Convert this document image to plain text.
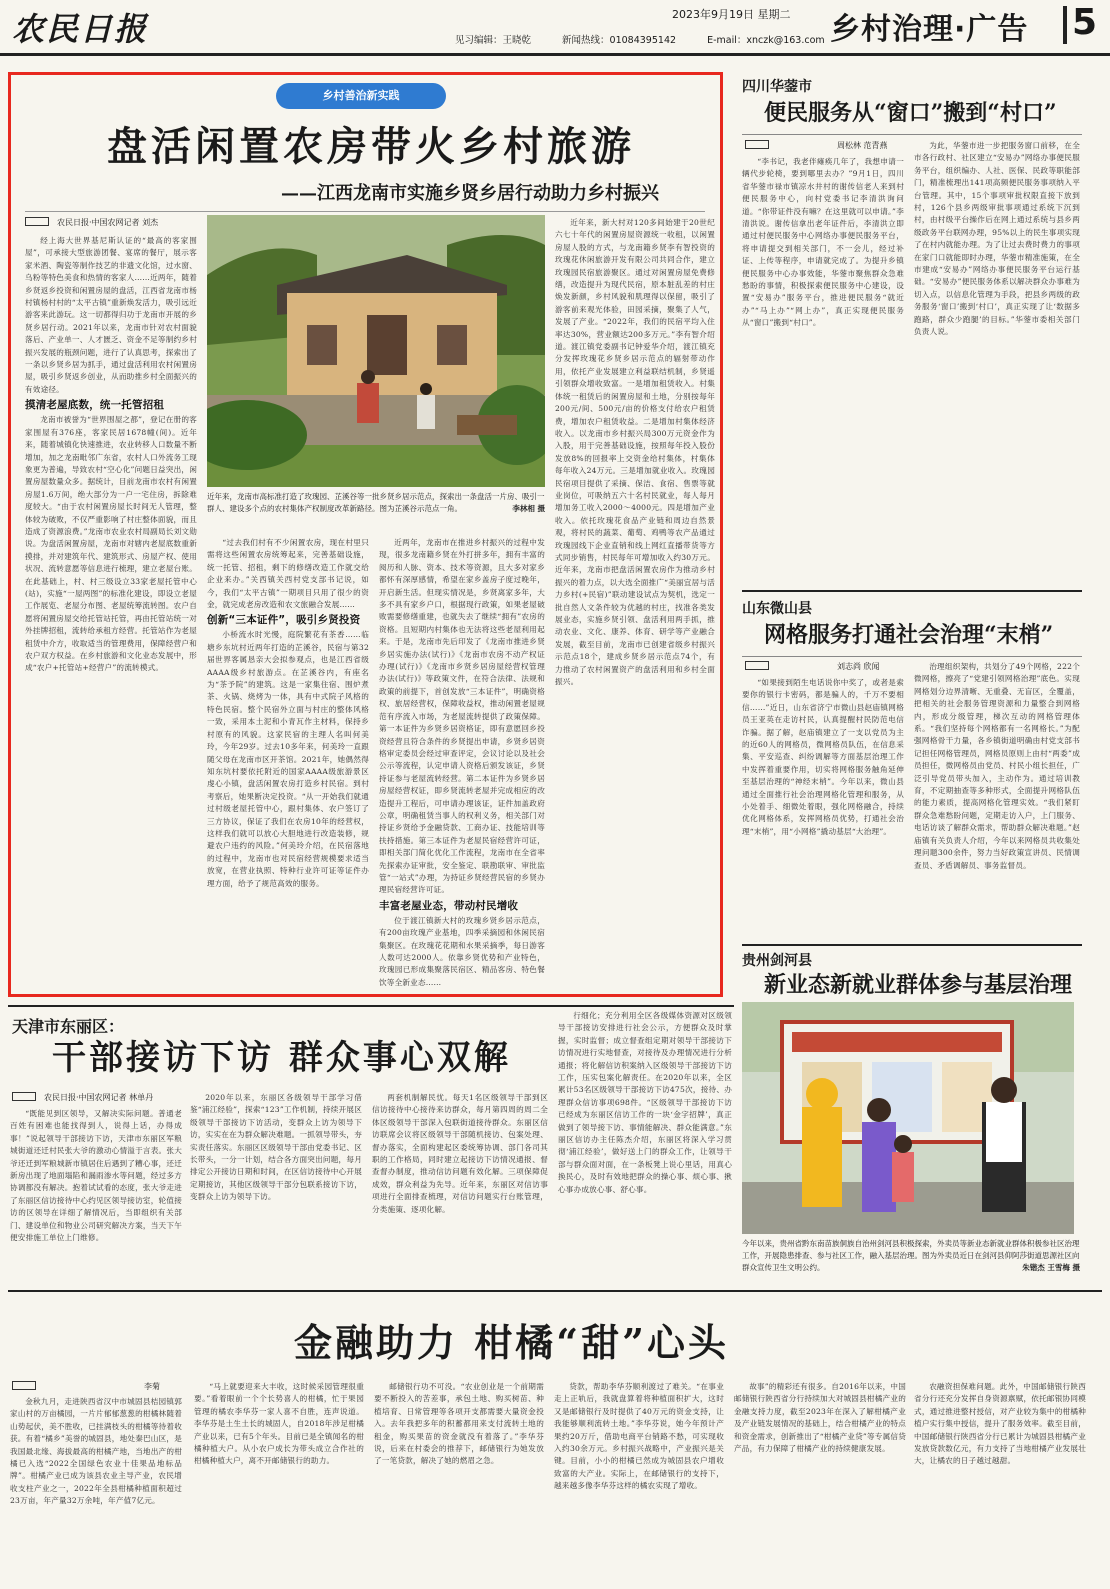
农民日报	2023年9月19日 星期二
见习编辑：王晓乾	新闻热线：01084395142	E-mail：xnczk@163.com 乡村治理·广告 5
乡村善治新实践
盘活闲置农房带火乡村旅游
——江西龙南市实施乡贤乡居行动助力乡村振兴
农民日报·中国农网记者 刘杰

经上海大世界基尼斯认证的“最高的客家围屋”，可承接大型旅游团餐、宴席的餐厅，展示客家米酒、陶瓷等制作技艺的非遗文化馆，过水窗、乌粉等特色美食和热情的客家人……近两年，随着乡贤返乡投资和闲置房屋的盘活，江西省龙南市杨村镇杨村村的“太平古镇”重新焕发活力，吸引远近游客来此游玩。这一切都得归功于龙南市开展的乡贤乡居行动。2021年以来，龙南市针对农村面貌落后、产业单一、人才匮乏、资金不足等制约乡村振兴发展的瓶颈问题，进行了认真思考，探索出了一条以乡贤乡居为抓手，通过盘活利用农村闲置房屋，吸引乡贤返乡创业，从而助推乡村全面振兴的有效途径。

摸清老屋底数，统一托管招租

龙南市被誉为“世界围屋之都”，登记在册的客家围屋有376座，客家民居1678幢(间)。近年来，随着城镇化快速推进，农业转移人口数量不断增加，加之龙南毗邻广东省，农村人口外流务工现象更为普遍，导致农村“空心化”问题日益突出，闲置房屋数量众多。据统计，目前龙南市农村有闲置房屋1.6万间，绝大部分为一户一宅住房，拆除难度较大。“由于农村闲置房屋长时间无人管理，整体较为破败，不仅严重影响了村庄整体面貌，而且造成了资源浪费。”龙南市农业农村局副局长刘文勋说。为盘活闲置房屋，龙南市对辖内老屋底数重新摸排，并对建筑年代、建筑形式、房屋产权、使用状况、流转意愿等信息进行梳理，建立老屋台账。在此基础上，村、村三级设立33家老屋托管中心(站)，实施“一屋两图”的标准化建设，即设立老屋工作展览、老屋分布图、老屋统筹流转图。农户自愿将闲置房屋交给托管站托管，再由托管站统一对外挂牌招租，流转给承租方经营。托管站作为老屋租赁中介方，收取适当的管理费用，保障经营户和农户双方权益。在乡村旅游和文化业态发展中，形成“农户+托管站+经营户”的流转模式。

近年来，龙南市高标准打造了玫瑰园、芷溪谷等一批乡贤乡居示范点，探索出一条盘活一片房、吸引一群人、建设多个点的农村集体产权制度改革新路径。图为芷溪谷示范点一角。	李林相 摄

“过去我们村有不少闲置农房，现在村里只需将这些闲置农房统筹起来，完善基础设施，统一托管、招租，剩下的修缮改造工作就交给企业来办。”关西镇关西村党支部书记说，如今，我们“太平古镇”一期项目只用了很少的资金，就完成老房改造和农文旅融合发展……

创新“三本证件”，吸引乡贤投资

小桥流水时光慢，庭院繁花有茶香……临塘乡东坑村近两年打造的芷溪谷，民宿与第32届世界客属恳亲大会拟参观点，也是江西省级AAAA级乡村旅游点。在芷溪谷内，有座名为“茶予院”的建筑。这是一家集住宿、围炉煮茶、火锅、烧烤为一体，具有中式院子风格的特色民宿。整个民宿外立面与村庄的整体风格一致，采用本土泥和小青瓦作主材料，保持乡村原有的风貌。这家民宿的主理人名叫何美玲，今年29岁。过去10多年来，何美玲一直跟随父母在龙南市区开茶馆。2021年，她偶然得知东坑村要依托附近的国家AAAA级旅游景区虔心小镇，盘活闲置农房打造乡村民宿。到村考察后，她果断决定投资。“从一开始我们就通过村级老屋托管中心，跟村集体、农户签订了三方协议，保证了我们在农房10年的经营权，这样我们就可以放心大胆地进行改造装修，规避农户违约的风险。”何美玲介绍，在民宿落地的过程中，龙南市也对民宿经营规模要求适当放宽，在营业执照、特种行业许可证等证件办理方面，给予了规范高效的服务。

近两年，龙南市在推进乡村振兴的过程中发现，很多龙南籍乡贤在外打拼多年，拥有丰富的阅历和人脉、资本、技术等资源，且大多对家乡都怀有深厚感情，希望在家乡盖房子度过晚年，开启新生活。但现实情况是，乡贤离家多年，大多不具有家乡户口，根据现行政策，如果老屋破败需要修缮重建，也就失去了继续“拥有”农房的资格。且短期内村集体也无法将这些老屋利用起来。于是，龙南市先后印发了《龙南市推进乡贤乡居实施办法(试行)》《龙南市农房不动产权证办理(试行)》《龙南市乡贤乡居房屋经营权管理办法(试行)》等政策文件，在符合法律、法规和政策的前提下，首创发放“三本证件”，明确资格权、旅居经营权，保障收益权，推动闲置老屋规范有序流入市场，为老屋流转提供了政策保障。第一本证件为乡贤乡居资格证，即有意愿回乡投资经营且符合条件的乡贤提出申请，乡贤乡居资格审定委员会经过审查评定，会议讨论以及社会公示等流程，认定申请人资格后颁发该证，乡贤持证参与老屋流转经营。第二本证件为乡贤乡居房屋经营权证，即乡贤流转老屋并完成相应的改造提升工程后，可申请办理该证，证件加盖政府公章，明确租赁当事人的权利义务，相关部门对持证乡贤给予金融贷款、工商办证、技能培训等扶持措施。第三本证件为老屋民宿经营许可证，即相关部门简化优化工作流程，龙南市在全省率先探索办证审批，安全鉴定、联勘联审、审批监管“一站式”办理，为持证乡贤经营民宿的乡贤办理民宿经营许可证。

丰富老屋业态，带动村民增收

位于渡江镇新大村的玫瑰乡贤乡居示范点，有200亩玫瑰产业基地，四季采摘园和休闲民宿集聚区。在玫瑰花花期和水果采摘季，每日游客人数可达2000人。依靠乡贤优势和产业特色，玫瑰园已形成集聚落民宿区、精品客房、特色餐饮等全新业态……

近年来，新大村对120多间始建于20世纪六七十年代的闲置房屋资源统一收租，以闲置房屋人股的方式，与龙南籍乡贤李有智投资的玫瑰花休闲旅游开发有限公司共同合作，建立玫瑰园民宿旅游聚区。通过对闲置房屋免费修缮，改造提升为现代民宿，原本脏乱差的村庄焕发新颜，乡村风貌和肌理得以保留，吸引了游客前来观光体验，田园采摘，聚集了人气，发展了产业。“2022年，我们的民宿平均入住率达30%，营业额达200多万元。”李有智介绍道。渡江镇党委副书记钟爱华介绍，渡江镇充分发挥玫瑰花乡贤乡居示范点的辐射带动作用，依托产业发展建立利益联结机制，乡贤遥引领群众增收致富。一是增加租赁收入。村集体统一租赁后的闲置房屋和土地，分别按每年200元/间、500元/亩的价格支付给农户租赁费，增加农户租赁收益。二是增加村集体经济收入。以龙南市乡村振兴局300万元资金作为入股，用于完善基础设施，按照每年投入股份发放8%的回报率上交资金给村集体，村集体每年收入24万元。三是增加就业收入。玫瑰园民宿项目提供了采摘、保洁、食宿、售票等就业岗位，可吸纳五六十名村民就业，每人每月增加务工收入2000～4000元。四是增加产业收入。依托玫瑰花食品产业链和周边自然景观，将村民的蔬菜、葡萄、鸡鸭等农产品通过玫瑰园线下企业直销和线上网红直播带货等方式同步销售，村民每年可增加收入约30万元。近年来，龙南市把盘活闲置农房作为推动乡村振兴的着力点，以大选全面推广“美丽宜居与活力乡村(+民宿)”联动建设试点为契机，选定一批自然人文条件较为优越的村庄，找准各类发展业态，实施乡贤引领、盘活利用两手抓，推动农业、文化、康养、体育、研学等产业融合发展，截至目前，龙南市已创建省级乡村振兴示范点18个，建成乡贤乡居示范点74个，有力推动了农村闲置资产的盘活利用和乡村全面振兴。

四川华蓥市
便民服务从“窗口”搬到“村口”
周松林 范青燕

“李书记，我老伴瘫痪几年了，我想申请一辆代步轮椅，要到哪里去办？”9月1日，四川省华蓥市禄市镇凉水井村的谢传信老人来到村便民服务中心，向村党委书记李清洪询问道。“你带证件没有嘛？在这里就可以申请。”李清洪说。谢传信拿出老年证件后，李清洪立即通过村便民服务中心网络办事便民服务平台，将申请提交到相关部门，不一会儿，经过补证、上传等程序，申请就完成了。为提升乡镇便民服务中心办事效能，华蓥市聚焦群众急难愁盼的事情，积极探索便民服务中心建设，设置“安易办”服务平台，推进便民服务“就近办”“马上办”“网上办”，真正实现便民服务从“窗口”搬到“村口”。

为此，华蓥市进一步把服务窗口前移，在全市各行政村、社区建立“安易办”网络办事便民服务平台，组织编办、人社、医保、民政等职能部门，精准梳理出141项高频便民服务事项纳入平台管理。其中，15个事项审批权限直接下放到村，126个县乡两级审批事项通过系统下沉到村，由村级平台操作后在网上通过系统与县乡两级政务平台联网办理，95%以上的民生事项实现了在村内就能办理。为了让过去费时费力的事项在家门口就能即时办理，华蓥市精准施策，在全市建成“安易办”网络办事便民服务平台运行基础。“安易办”便民服务体系以解决群众办事难为切入点，以信息化管理为手段，把县乡两级的政务服务‘窗口’搬到‘村口’，真正实现了让‘数据多跑路，群众少跑腿’的目标。”华蓥市委相关部门负责人说。

山东微山县
网格服务打通社会治理“末梢”
刘志尚 欣闻

“如果接到陌生电话说你中奖了，或者是索要你的银行卡密码，都是骗人的，千万不要相信……”近日，山东省济宁市微山县赵庙镇网格员王亚英在走访村民，认真提醒村民防范电信诈骗。据了解，赵庙镇建立了一支以党员为主的近60人的网格员，微网格员队伍，在信息采集、平安巡查、纠纷调解等方面基层治理工作中发挥着重要作用，切实将网格服务触角延伸至基层治理的“神经末梢”。今年以来，微山县通过全面推行社会治理网格化管理和服务，从小处着手、细微处着眼，强化网格融合，持续优化网格体系，发挥网格员优势，打通社会治理“末梢”，用“小网格”撬动基层“大治理”。

治理组织架构，共划分了49个网格，222个微网格，擦亮了“党建引领网格治理”底色。实现网格划分边界清晰、无重叠、无盲区，全覆盖，把相关的社会服务管理资源和力量整合到网格内，形成分级管理，梯次互动的网格管理体系。“我们坚持每个网格都有一名网格长。”为配强网格骨干力量，各乡镇街道明确由村党支部书记担任网格管理员，网格员原则上由村“两委”成员担任，微网格员由党员、村民小组长担任，广泛引导党员带头加入，主动作为。通过培训教育，不定期抽查等多种形式，全面提升网格队伍的能力素质，提高网格化管理实效。“我们紧盯群众急难愁盼问题，定期走访入户，上门服务、电话访谈了解群众需求，帮助群众解决难题。”赵庙镇有关负责人介绍，今年以来网格员共收集处理问题300余件，努力当好政策宣讲员、民情调查员、矛盾调解员、事务监督员。

贵州剑河县
新业态新就业群体参与基层治理
今年以来，贵州省黔东南苗族侗族自治州剑河县积极探索，外卖员等新业态新就业群体积极参社区治理工作，开展隐患排查、参与社区工作，融入基层治理。图为外卖员近日在剑河县仰阿莎街道思源社区向群众宣传卫生文明公约。	朱锴杰 王雪梅 摄
天津市东丽区：
干部接访下访 群众事心双解

行细化；充分利用全区各级媒体资源对区级领导干部接访安排进行社会公示，方便群众及时掌握，实时监督；成立督查组定期对领导干部接访下访情况进行实地督查，对接待及办理情况进行分析通报；将化解信访积案纳入区级领导干部接访下访工作，压实包案化解责任。在2020年以来，全区累计53名区级领导干部接访下访475次，接待、办理群众信访事项698件。“区级领导干部接访下访已经成为东丽区信访工作的一块‘金字招牌’，真正做到了领导接下访、事情能解决、群众能满意。”东丽区信访办主任陈杰介绍，东丽区将深入学习贯彻‘浦江经验’，做好送上门的群众工作，让领导干部与群众面对面，在一条板凳上说心里话，用真心换民心，及时有效地把群众的操心事、烦心事、揪心事办成放心事、舒心事。

农民日报·中国农网记者 林单丹

“既能见到区领导，又解决实际问题。普通老百姓有困难也能找得到人，说得上话，办得成事！”说起领导干部接访下访，天津市东丽区军粮城街道还迁村民张大爷的激动心情溢于言表。张大爷还迁到军粮城新市镇居住后遇到了糟心事，还迁新房出现了地面塌陷和漏雨渗水等问题，经过多方协调都没有解决。抱着试试看的态度，张大爷走进了东丽区信访接待中心约见区领导接访室，轮值接访的区领导在详细了解情况后，当即组织有关部门、建设单位和物业公司研究解决方案，当天下午便安排施工单位上门维修。

2020年以来，东丽区各级领导干部学习借鉴“浦江经验”，探索“123”工作机制，持续开展区级领导干部接访下访活动，变群众上访为领导下访，实实在在为群众解决难题。一抓领导带头，夯实责任落实。东丽区区级领导干部由党委书记、区长带头，一分一计划，结合各方面突出问题，每月排定公开接访日期和时间，在区信访接待中心开展定期接访，其他区级领导干部分包联系接访下访，变群众上访为领导下访。

两套机制解民忧。每天1名区级领导干部到区信访接待中心接待来访群众，每月第四周的周二全体区级领导干部深入包联街道接待群众。东丽区信访联席会议将区级领导干部随机接访、包案处理、督办落实，全面构建起区委统筹协调、部门各司其职的工作格局，同时建立起接访下访情况通报、督查督办制度，推动信访问题有效化解。三项保障促成效，群众利益为先导。近年来，东丽区对信访事项进行全面排查梳理，对信访问题实行台账管理，分类施策、逐项化解。

金融助力 柑橘“甜”心头
李菊

金秋九月，走进陕西省汉中市城固县桔园镇郭家山村的万亩橘园，一片片郁郁葱葱的柑橘林随着山势起伏，美不胜收，已挂满枝头的柑橘等待着收获。有着“橘乡”美誉的城固县，地处秦巴山区，是我国最北缘、海拔最高的柑橘产地，当地出产的柑橘已入选“2022全国绿色农业十佳果品地标品牌”。柑橘产业已成为该县农业主导产业，农民增收支柱产业之一，2022年全县柑橘种植面积超过23万亩，年产量32万余吨，年产值7亿元。

“马上就要迎来大丰收，这时候采园管理很重要。”看着眼前一个个长势喜人的柑橘，忙于果园管理的橘农李华芬一家人喜不自胜，连声说道。李华芬是土生土长的城固人，自2018年涉足柑橘产业以来，已有5个年头。目前已是全镇闻名的柑橘种植大户。从小农户成长为带头成立合作社的柑橘种植大户，离不开邮储银行的助力。

邮储银行功不可没。“农业创业是一个前期需要不断投入的苦差事，承包土地、购买树苗、种植培育、日常管理等各项开支都需要大量资金投入。去年我把多年的积蓄都用来支付流转土地的租金，购买果苗的资金就没有着落了。”李华芬说，后来在村委会的推荐下，邮储银行为她发放了一笔贷款，解决了她的燃眉之急。

贷款，帮助李华芬顺利渡过了难关。“在事业走上正轨后，我就盘算着将种植面积扩大，这时又是邮储银行及时提供了40万元的资金支持，让我能够顺利流转土地。”李华芬说，她今年预计产果约20万斤，借助电商平台销路不愁，可实现收入约30余万元。乡村振兴战略中，产业振兴是关键。目前，小小的柑橘已然成为城固县农户增收致富的大产业。实际上，在邮储银行的支持下，越来越多像李华芬这样的橘农实现了增收。

故事”的精彩还有很多。自2016年以来，中国邮储银行陕西省分行持续加大对城固县柑橘产业的金融支持力度，截至2023年在深入了解柑橘产业及产业链发展情况的基础上，结合柑橘产业的特点和资金需求，创新推出了“柑橘产业贷”等专属信贷产品，有力保障了柑橘产业的持续健康发展。

农融资担保难问题。此外，中国邮储银行陕西省分行还充分发挥自身资源禀赋，依托邮银协同模式，通过推进整村授信，对产业较为集中的柑橘种植户实行集中授信，提升了服务效率。截至目前，中国邮储银行陕西省分行已累计为城固县柑橘产业发放贷款数亿元，有力支持了当地柑橘产业发展壮大，让橘农的日子越过越甜。
